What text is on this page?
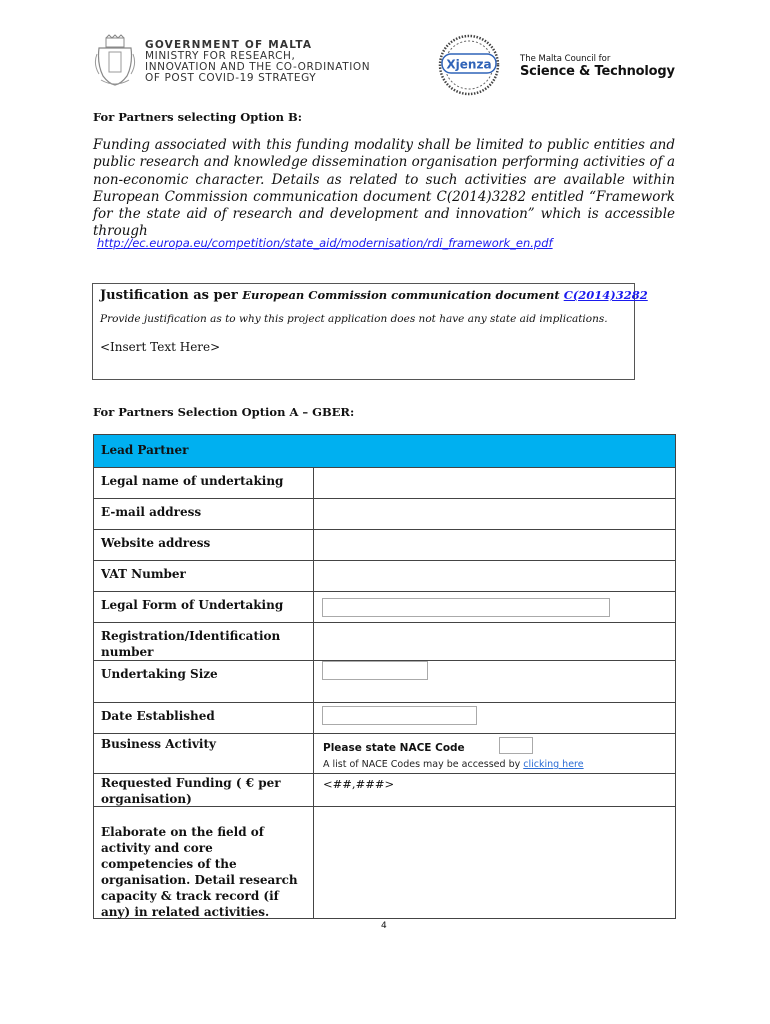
GOVERNMENT OF MALTA
MINISTRY FOR RESEARCH,
INNOVATION AND THE CO-ORDINATION
OF POST COVID-19 STRATEGY
Xjenza	The Malta Council for
Science & Technology
For Partners selecting Option B:
Funding associated with this funding modality shall be limited to public entities and public research and knowledge dissemination organisation performing activities of a non-economic character. Details as related to such activities are available within European Commission communication document C(2014)3282 entitled “Framework for the state aid of research and development and innovation” which is accessible through
http://ec.europa.eu/competition/state_aid/modernisation/rdi_framework_en.pdf
Justification as per European Commission communication document C(2014)3282
Provide justification as to why this project application does not have any state aid implications.
<Insert Text Here>
For Partners Selection Option A – GBER:
Lead Partner
Legal name of undertaking
E-mail address
Website address
VAT Number
Legal Form of Undertaking
Registration/Identification number
Undertaking Size
Date Established
Business Activity	Please state NACE Code
A list of NACE Codes may be accessed by clicking here
Requested Funding ( € per organisation)
<##,###>
Elaborate on the field of activity and core competencies of the organisation. Detail research capacity & track record (if any) in related activities.
4
